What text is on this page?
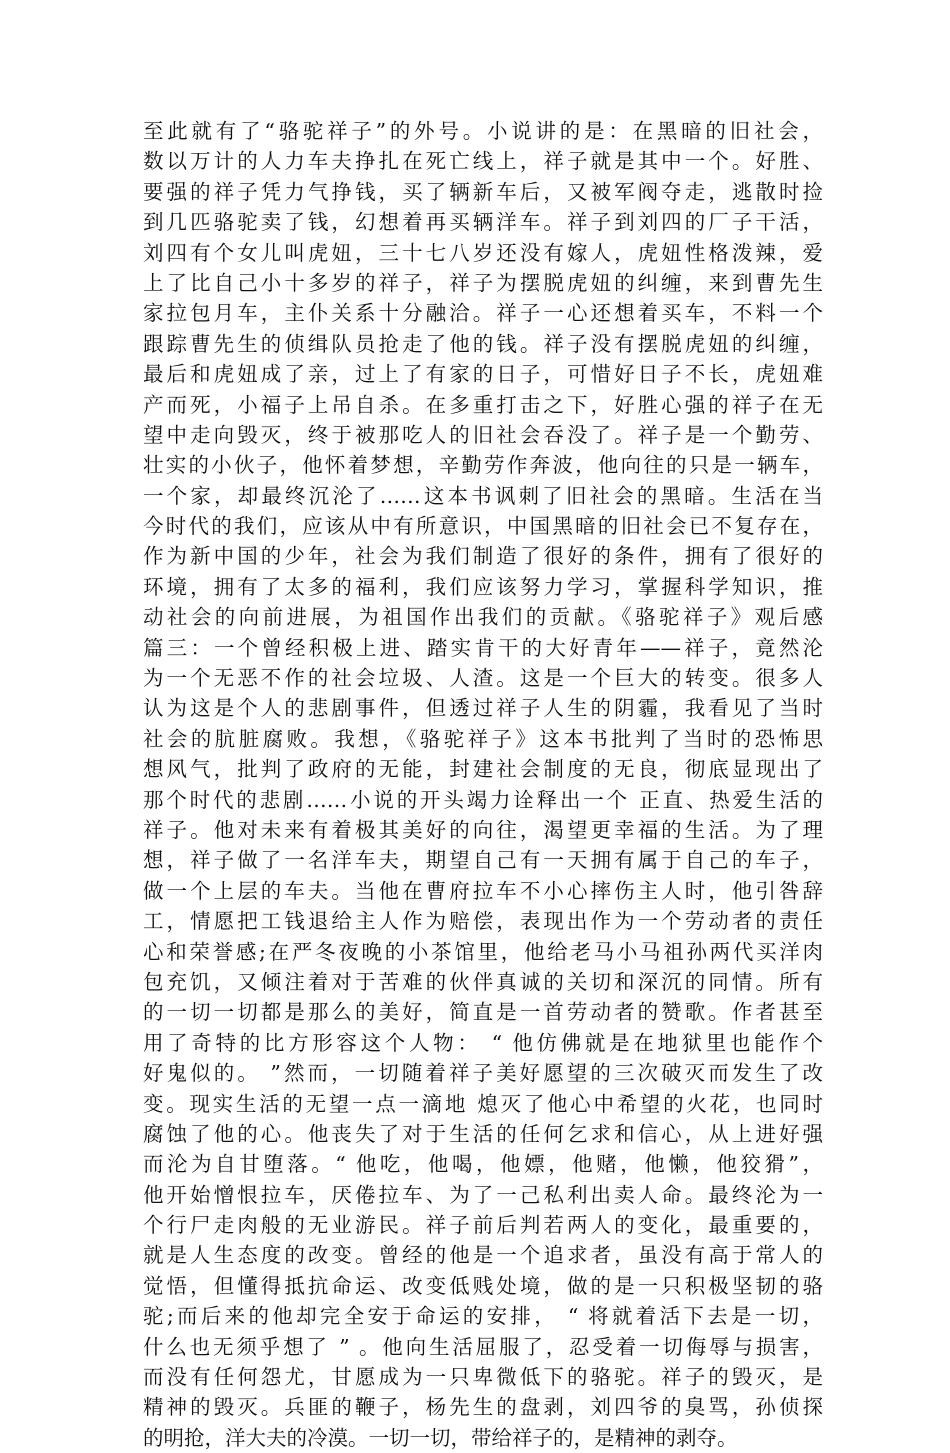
至此就有了“骆驼祥子”的外号。小说讲的是：在黑暗的旧社会，
数以万计的人力车夫挣扎在死亡线上，祥子就是其中一个。好胜、
要强的祥子凭力气挣钱，买了辆新车后，又被军阀夺走，逃散时捡
到几匹骆驼卖了钱，幻想着再买辆洋车。祥子到刘四的厂子干活，
刘四有个女儿叫虎妞，三十七八岁还没有嫁人，虎妞性格泼辣，爱
上了比自己小十多岁的祥子，祥子为摆脱虎妞的纠缠，来到曹先生
家拉包月车，主仆关系十分融洽。祥子一心还想着买车，不料一个
跟踪曹先生的侦缉队员抢走了他的钱。祥子没有摆脱虎妞的纠缠，
最后和虎妞成了亲，过上了有家的日子，可惜好日子不长，虎妞难
产而死，小福子上吊自杀。在多重打击之下，好胜心强的祥子在无
望中走向毁灭，终于被那吃人的旧社会吞没了。祥子是一个勤劳、
壮实的小伙子，他怀着梦想，辛勤劳作奔波，他向往的只是一辆车，
一个家，却最终沉沦了……这本书讽刺了旧社会的黑暗。生活在当
今时代的我们，应该从中有所意识，中国黑暗的旧社会已不复存在，
作为新中国的少年，社会为我们制造了很好的条件，拥有了很好的
环境，拥有了太多的福利，我们应该努力学习，掌握科学知识，推
动社会的向前进展，为祖国作出我们的贡献。《骆驼祥子》观后感
篇三：一个曾经积极上进、踏实肯干的大好青年——祥子，竟然沦
为一个无恶不作的社会垃圾、人渣。这是一个巨大的转变。很多人
认为这是个人的悲剧事件，但透过祥子人生的阴霾，我看见了当时
社会的肮脏腐败。我想，《骆驼祥子》这本书批判了当时的恐怖思
想风气，批判了政府的无能，封建社会制度的无良，彻底显现出了
那个时代的悲剧……小说的开头竭力诠释出一个 正直、热爱生活的
祥子。他对未来有着极其美好的向往，渴望更幸福的生活。为了理
想，祥子做了一名洋车夫，期望自己有一天拥有属于自己的车子，
做一个上层的车夫。当他在曹府拉车不小心摔伤主人时，他引咎辞
工，情愿把工钱退给主人作为赔偿，表现出作为一个劳动者的责任
心和荣誉感;在严冬夜晚的小茶馆里，他给老马小马祖孙两代买洋肉
包充饥，又倾注着对于苦难的伙伴真诚的关切和深沉的同情。所有
的一切一切都是那么的美好，简直是一首劳动者的赞歌。作者甚至
用了奇特的比方形容这个人物： “ 他仿佛就是在地狱里也能作个
好鬼似的。 ”然而，一切随着祥子美好愿望的三次破灭而发生了改
变。现实生活的无望一点一滴地 熄灭了他心中希望的火花，也同时
腐蚀了他的心。他丧失了对于生活的任何乞求和信心，从上进好强
而沦为自甘堕落。“ 他吃，他喝，他嫖，他赌，他懒，他狡猾”，
他开始憎恨拉车，厌倦拉车、为了一己私利出卖人命。最终沦为一
个行尸走肉般的无业游民。祥子前后判若两人的变化，最重要的，
就是人生态度的改变。曾经的他是一个追求者，虽没有高于常人的
觉悟，但懂得抵抗命运、改变低贱处境，做的是一只积极坚韧的骆
驼;而后来的他却完全安于命运的安排， “ 将就着活下去是一切，
什么也无须乎想了 ” 。他向生活屈服了，忍受着一切侮辱与损害，
而没有任何怨尤，甘愿成为一只卑微低下的骆驼。祥子的毁灭，是
精神的毁灭。兵匪的鞭子，杨先生的盘剥，刘四爷的臭骂，孙侦探
的明抢，洋大夫的冷漠。一切一切，带给祥子的，是精神的剥夺。
